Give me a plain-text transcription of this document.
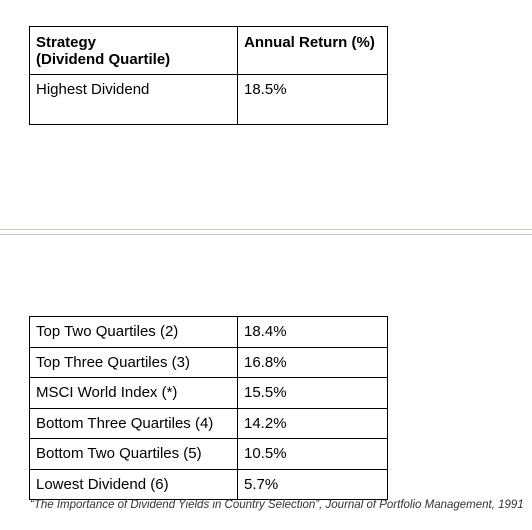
Strategy
(Dividend Quartile)	Annual Return (%)
Highest Dividend	18.5%
Top Two Quartiles (2)	18.4%
Top Three Quartiles (3)	16.8%
MSCI World Index (*)	15.5%
Bottom Three Quartiles (4)	14.2%
Bottom Two Quartiles (5)	10.5%
Lowest Dividend (6)	5.7%
“The Importance of Dividend Yields in Country Selection”, Journal of Portfolio Management, 1991
